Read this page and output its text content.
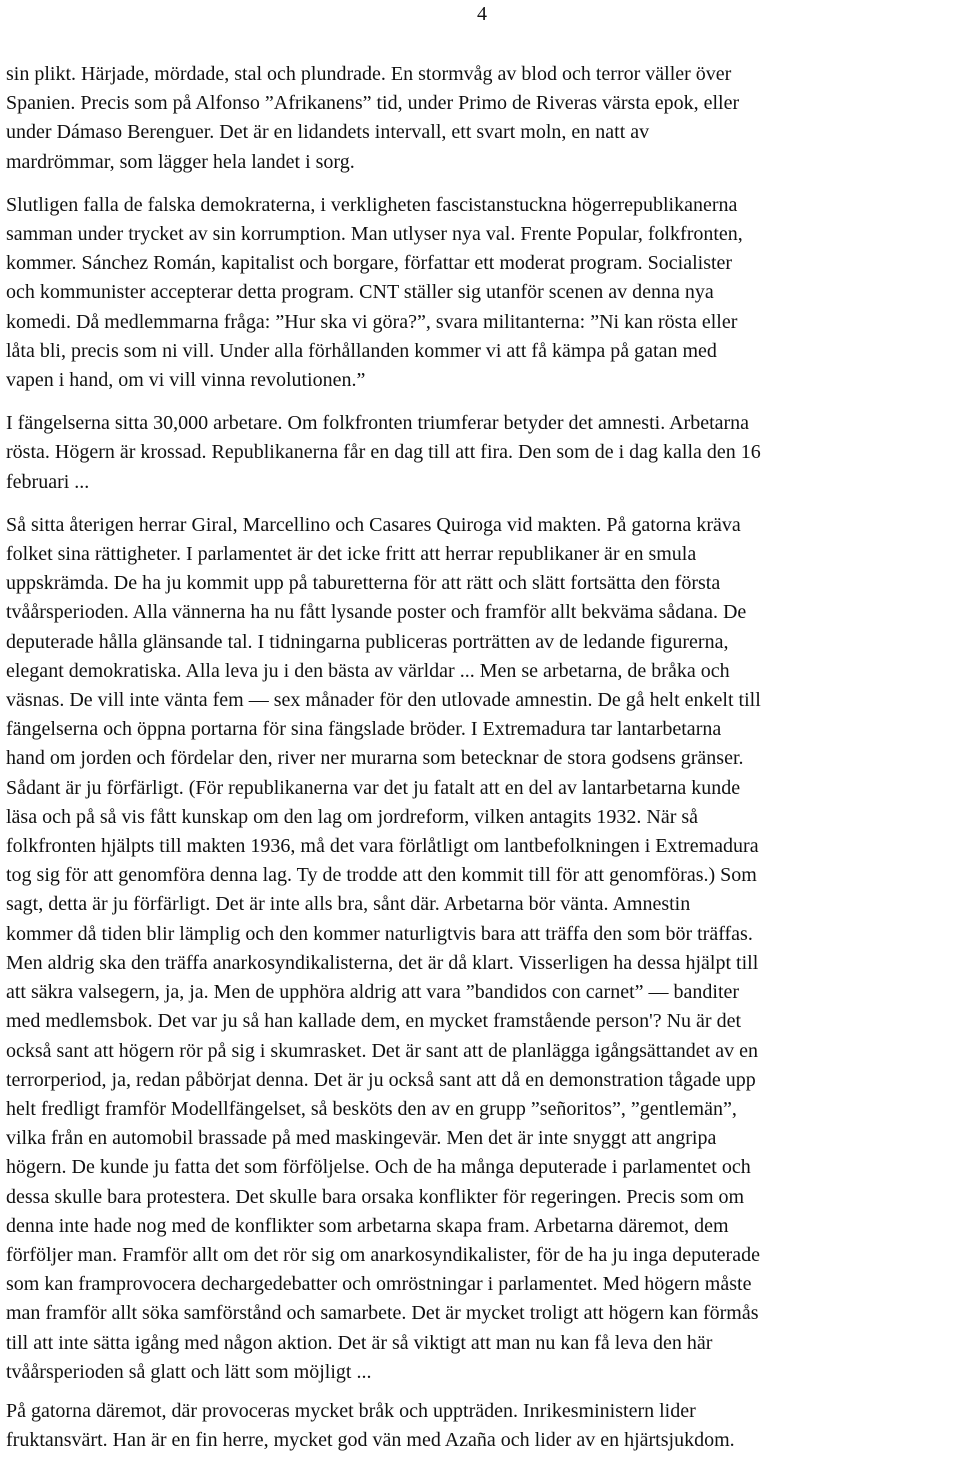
4
sin plikt. Härjade, mördade, stal och plundrade. En stormvåg av blod och terror väller över
Spanien. Precis som på Alfonso ”Afrikanens” tid, under Primo de Riveras värsta epok, eller
under Dámaso Berenguer. Det är en lidandets intervall, ett svart moln, en natt av
mardrömmar, som lägger hela landet i sorg.
Slutligen falla de falska demokraterna, i verkligheten fascistanstuckna högerrepublikanerna
samman under trycket av sin korrumption. Man utlyser nya val. Frente Popular, folkfronten,
kommer. Sánchez Román, kapitalist och borgare, författar ett moderat program. Socialister
och kommunister accepterar detta program. CNT ställer sig utanför scenen av denna nya
komedi. Då medlemmarna fråga: ”Hur ska vi göra?”, svara militanterna: ”Ni kan rösta eller
låta bli, precis som ni vill. Under alla förhållanden kommer vi att få kämpa på gatan med
vapen i hand, om vi vill vinna revolutionen.”
I fängelserna sitta 30,000 arbetare. Om folkfronten triumferar betyder det amnesti. Arbetarna
rösta. Högern är krossad. Republikanerna får en dag till att fira. Den som de i dag kalla den 16
februari ...
Så sitta återigen herrar Giral, Marcellino och Casares Quiroga vid makten. På gatorna kräva
folket sina rättigheter. I parlamentet är det icke fritt att herrar republikaner är en smula
uppskrämda. De ha ju kommit upp på taburetterna för att rätt och slätt fortsätta den första
tvåårsperioden. Alla vännerna ha nu fått lysande poster och framför allt bekväma sådana. De
deputerade hålla glänsande tal. I tidningarna publiceras porträtten av de ledande figurerna,
elegant demokratiska. Alla leva ju i den bästa av världar ... Men se arbetarna, de bråka och
väsnas. De vill inte vänta fem — sex månader för den utlovade amnestin. De gå helt enkelt till
fängelserna och öppna portarna för sina fängslade bröder. I Extremadura tar lantarbetarna
hand om jorden och fördelar den, river ner murarna som betecknar de stora godsens gränser.
Sådant är ju förfärligt. (För republikanerna var det ju fatalt att en del av lantarbetarna kunde
läsa och på så vis fått kunskap om den lag om jordreform, vilken antagits 1932. När så
folkfronten hjälpts till makten 1936, må det vara förlåtligt om lantbefolkningen i Extremadura
tog sig för att genomföra denna lag. Ty de trodde att den kommit till för att genomföras.) Som
sagt, detta är ju förfärligt. Det är inte alls bra, sånt där. Arbetarna bör vänta. Amnestin
kommer då tiden blir lämplig och den kommer naturligtvis bara att träffa den som bör träffas.
Men aldrig ska den träffa anarkosyndikalisterna, det är då klart. Visserligen ha dessa hjälpt till
att säkra valsegern, ja, ja. Men de upphöra aldrig att vara ”bandidos con carnet” — banditer
med medlemsbok. Det var ju så han kallade dem, en mycket framstående person'? Nu är det
också sant att högern rör på sig i skumrasket. Det är sant att de planlägga igångsättandet av en
terrorperiod, ja, redan påbörjat denna. Det är ju också sant att då en demonstration tågade upp
helt fredligt framför Modellfängelset, så besköts den av en grupp ”señoritos”, ”gentlemän”,
vilka från en automobil brassade på med maskingevär. Men det är inte snyggt att angripa
högern. De kunde ju fatta det som förföljelse. Och de ha många deputerade i parlamentet och
dessa skulle bara protestera. Det skulle bara orsaka konflikter för regeringen. Precis som om
denna inte hade nog med de konflikter som arbetarna skapa fram. Arbetarna däremot, dem
förföljer man. Framför allt om det rör sig om anarkosyndikalister, för de ha ju inga deputerade
som kan framprovocera dechargedebatter och omröstningar i parlamentet. Med högern måste
man framför allt söka samförstånd och samarbete. Det är mycket troligt att högern kan förmås
till att inte sätta igång med någon aktion. Det är så viktigt att man nu kan få leva den här
tvåårsperioden så glatt och lätt som möjligt ...
På gatorna däremot, där provoceras mycket bråk och uppträden. Inrikesministern lider
fruktansvärt. Han är en fin herre, mycket god vän med Azaña och lider av en hjärtsjukdom.
